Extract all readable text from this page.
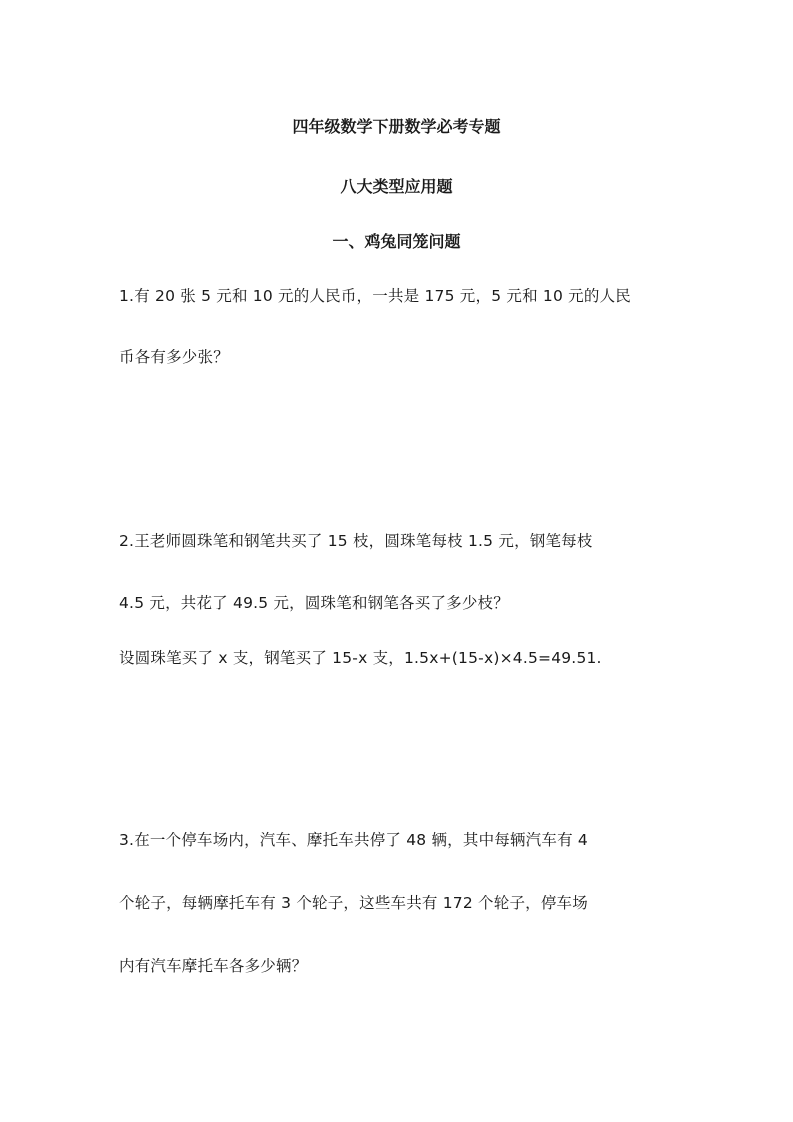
四年级数学下册数学必考专题
八大类型应用题
一、鸡兔同笼问题
1.有 20 张 5 元和 10 元的人民币，一共是 175 元，5 元和 10 元的人民
币各有多少张？
2.王老师圆珠笔和钢笔共买了 15 枝，圆珠笔每枝 1.5 元，钢笔每枝
4.5 元，共花了 49.5 元，圆珠笔和钢笔各买了多少枝？
设圆珠笔买了 x 支，钢笔买了 15-x 支，1.5x+(15-x)×4.5=49.51.
3.在一个停车场内，汽车、摩托车共停了 48 辆，其中每辆汽车有 4
个轮子，每辆摩托车有 3 个轮子，这些车共有 172 个轮子，停车场
内有汽车摩托车各多少辆？
